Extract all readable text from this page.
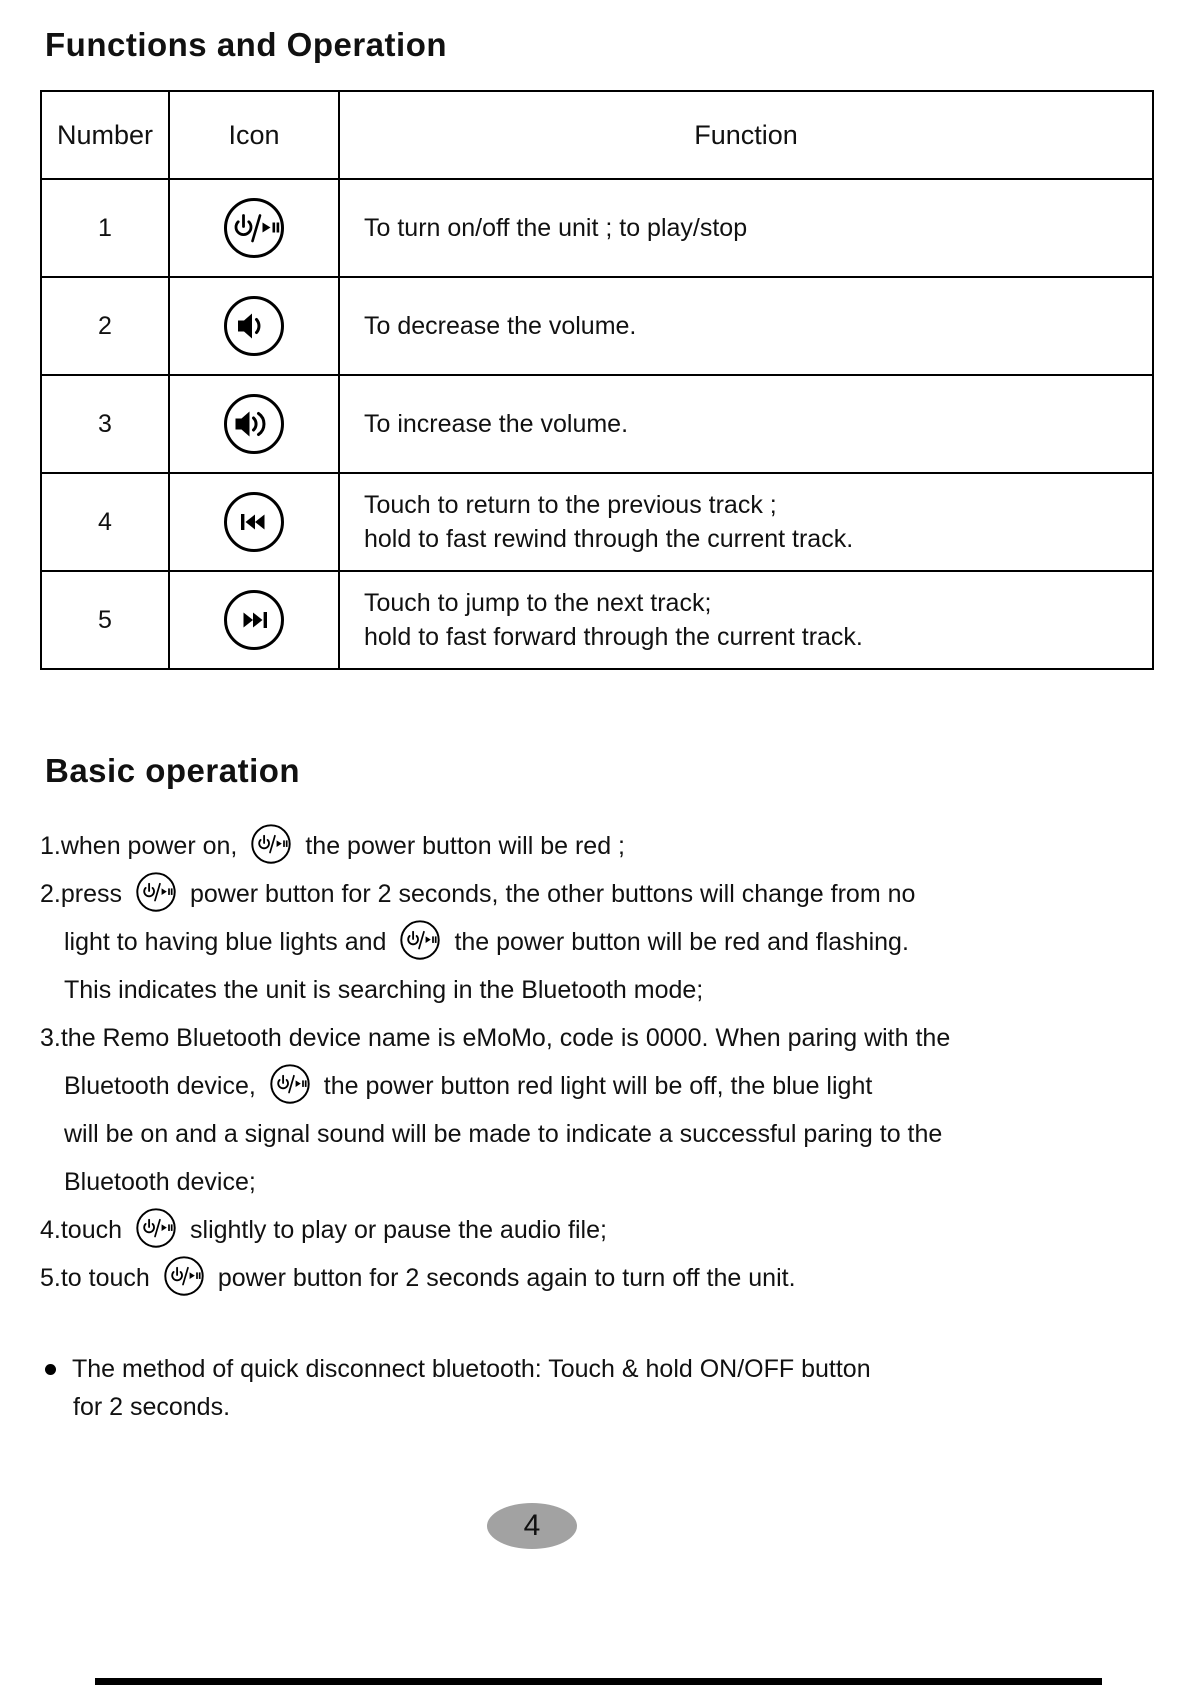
Functions and Operation
Number	Icon	Function
1		To turn on/off the unit ; to play/stop
2		To decrease the volume.
3		To increase the volume.
4		Touch to return to the previous track ;
hold to fast rewind through the current track.
5		Touch to jump to the next track;
hold to fast forward through the current track.
Basic operation

1.when power on,	the power button will be red ;

2.press	power button for 2 seconds, the other buttons will change from no
light to having blue lights and	the power button will be red and flashing.
This indicates the unit is searching in the Bluetooth mode;

3.the Remo Bluetooth device name is eMoMo, code is 0000. When paring with the
Bluetooth device,	the power button red light will be off, the blue light
will be on and a signal sound will be made to indicate a successful paring to the
Bluetooth device;

4.touch	slightly to play or pause the audio file;

5.to touch	power button for 2 seconds again to turn off the unit.

The method of quick disconnect bluetooth: Touch & hold ON/OFF button
for 2 seconds.

4
